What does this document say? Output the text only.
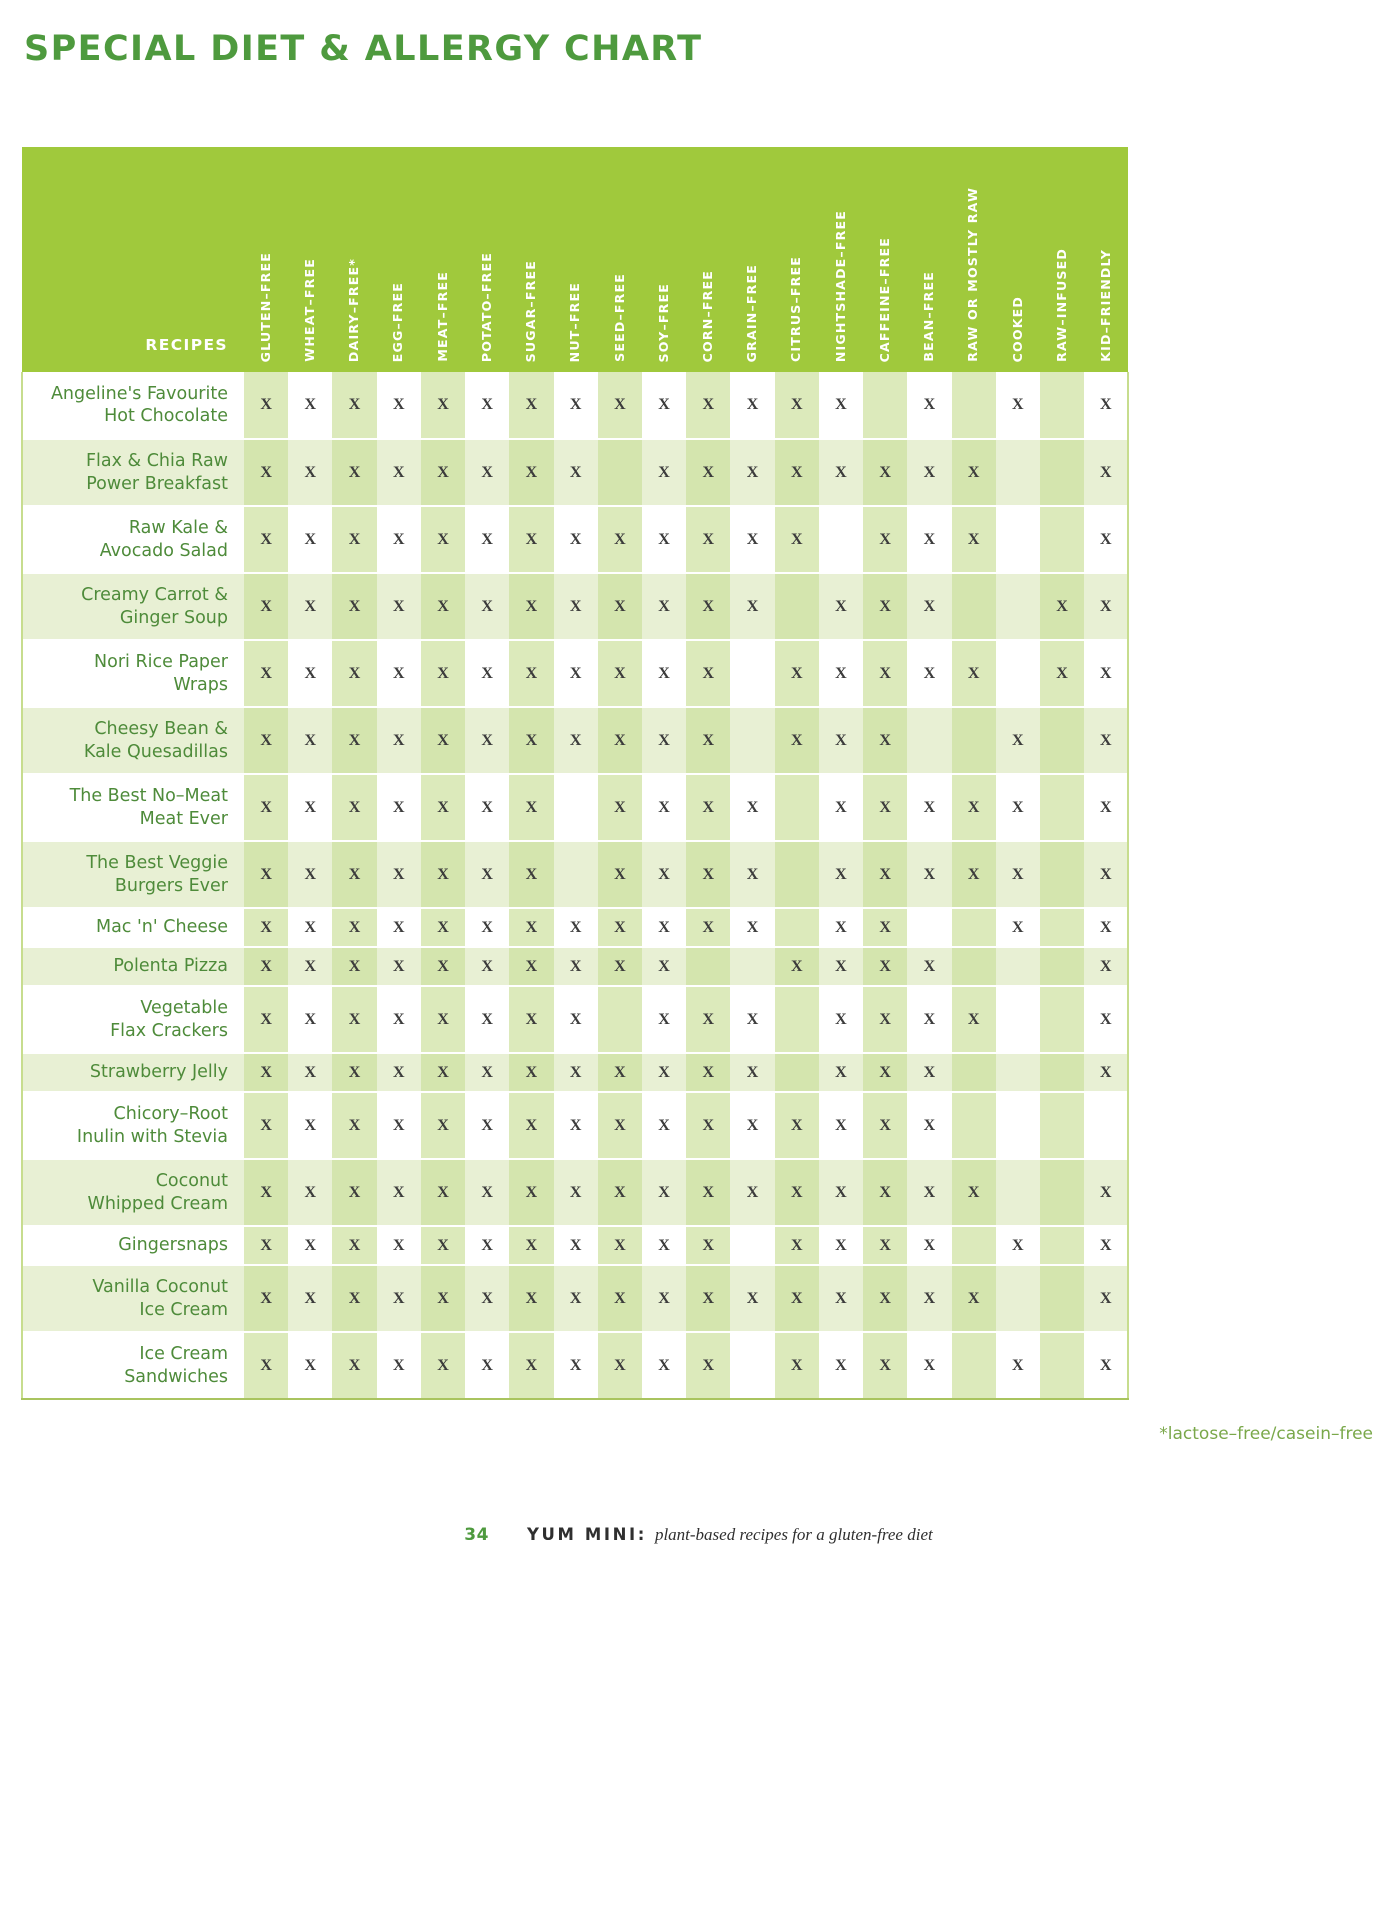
SPECIAL DIET & ALLERGY CHART
RECIPES	GLUTEN–FREE	WHEAT–FREE	DAIRY–FREE*	EGG–FREE	MEAT–FREE	POTATO–FREE	SUGAR–FREE	NUT–FREE	SEED–FREE	SOY–FREE	CORN–FREE	GRAIN–FREE	CITRUS–FREE	NIGHTSHADE–FREE	CAFFEINE–FREE	BEAN–FREE	RAW OR MOSTLY RAW	COOKED	RAW–INFUSED	KID–FRIENDLY

Angeline's Favourite
Hot Chocolate	X	X	X	X	X	X	X	X	X	X	X	X	X	X		X		X		X
Flax & Chia Raw
Power Breakfast	X	X	X	X	X	X	X	X		X	X	X	X	X	X	X	X			X
Raw Kale &
Avocado Salad	X	X	X	X	X	X	X	X	X	X	X	X	X		X	X	X			X
Creamy Carrot &
Ginger Soup	X	X	X	X	X	X	X	X	X	X	X	X		X	X	X			X	X
Nori Rice Paper
Wraps	X	X	X	X	X	X	X	X	X	X	X		X	X	X	X	X		X	X
Cheesy Bean &
Kale Quesadillas	X	X	X	X	X	X	X	X	X	X	X		X	X	X			X		X
The Best No–Meat
Meat Ever	X	X	X	X	X	X	X		X	X	X	X		X	X	X	X	X		X
The Best Veggie
Burgers Ever	X	X	X	X	X	X	X		X	X	X	X		X	X	X	X	X		X
Mac 'n' Cheese	X	X	X	X	X	X	X	X	X	X	X	X		X	X			X		X
Polenta Pizza	X	X	X	X	X	X	X	X	X	X			X	X	X	X				X
Vegetable
Flax Crackers	X	X	X	X	X	X	X	X		X	X	X		X	X	X	X			X
Strawberry Jelly	X	X	X	X	X	X	X	X	X	X	X	X		X	X	X				X
Chicory–Root
Inulin with Stevia	X	X	X	X	X	X	X	X	X	X	X	X	X	X	X	X				
Coconut
Whipped Cream	X	X	X	X	X	X	X	X	X	X	X	X	X	X	X	X	X			X
Gingersnaps	X	X	X	X	X	X	X	X	X	X	X		X	X	X	X		X		X
Vanilla Coconut
Ice Cream	X	X	X	X	X	X	X	X	X	X	X	X	X	X	X	X	X			X
Ice Cream
Sandwiches	X	X	X	X	X	X	X	X	X	X	X		X	X	X	X		X		X
*lactose–free/casein–free
34 YUM MINI: plant-based recipes for a gluten-free diet
